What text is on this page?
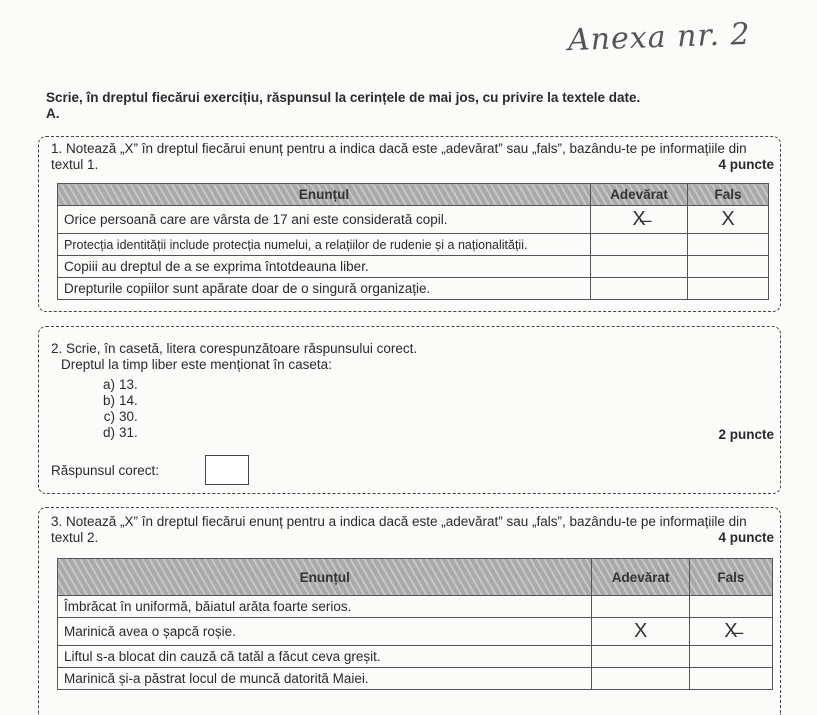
Anexa nr. 2
Scrie, în dreptul fiecărui exercițiu, răspunsul la cerințele de mai jos, cu privire la textele date.
A.
1. Notează „X” în dreptul fiecărui enunț pentru a indica dacă este „adevărat” sau „fals”, bazându-te pe informațiile din textul 1.	4 puncte
Enunțul	Adevărat	Fals
Orice persoană care are vârsta de 17 ani este considerată copil.	X̶	X
Protecția identității include protecția numelui, a relațiilor de rudenie și a naționalității.		
Copiii au dreptul de a se exprima întotdeauna liber.		
Drepturile copiilor sunt apărate doar de o singură organizație.		
2. Scrie, în casetă, litera corespunzătoare răspunsului corect.
Dreptul la timp liber este menționat în caseta:
a) 13.
b) 14.
c) 30.
d) 31.	2 puncte
Răspunsul corect:
3. Notează „X” în dreptul fiecărui enunț pentru a indica dacă este „adevărat” sau „fals”, bazându-te pe informațiile din textul 2.	4 puncte
Enunțul	Adevărat	Fals
Îmbrăcat în uniformă, băiatul arăta foarte serios.		
Marinică avea o șapcă roșie.	X	X̶
Liftul s-a blocat din cauză că tatăl a făcut ceva greșit.		
Marinică și-a păstrat locul de muncă datorită Maiei.		
